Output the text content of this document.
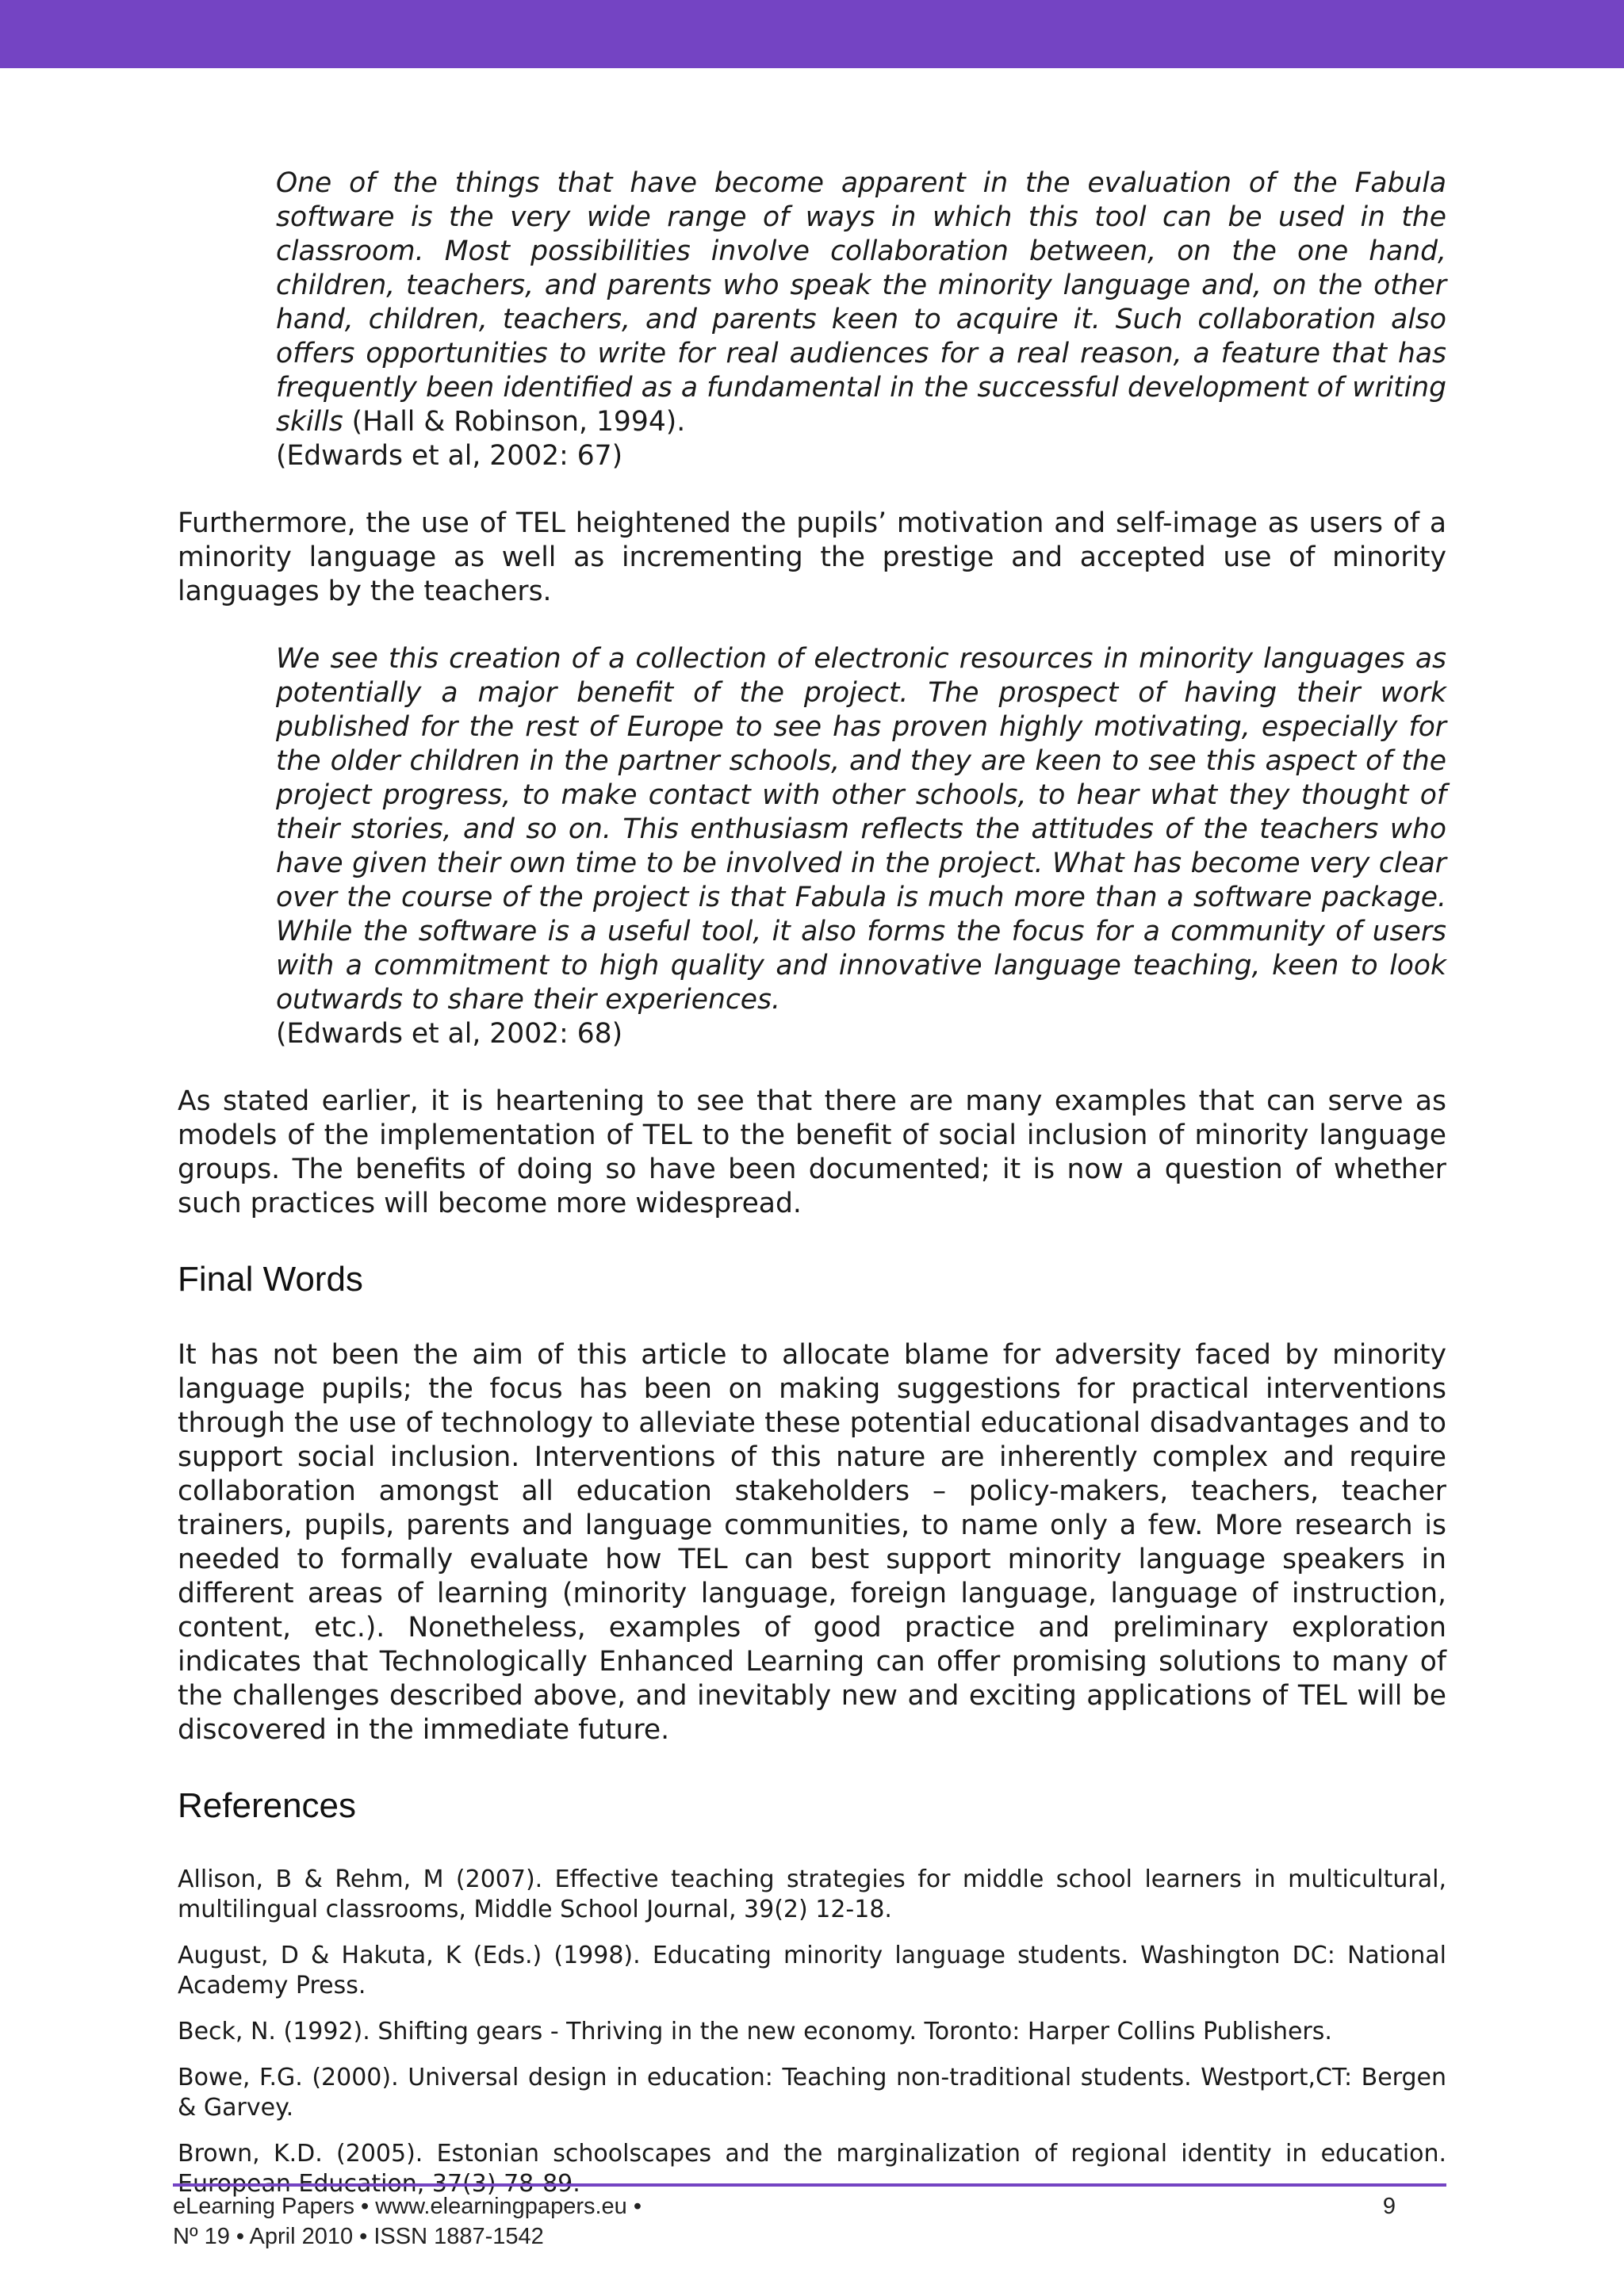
One of the things that have become apparent in the evaluation of the Fabula software is the very wide range of ways in which this tool can be used in the classroom. Most possibilities involve collaboration between, on the one hand, children, teachers, and parents who speak the minority language and, on the other hand, children, teachers, and parents keen to acquire it. Such collaboration also offers opportunities to write for real audiences for a real reason, a feature that has frequently been identified as a fundamental in the successful development of writing skills (Hall & Robinson, 1994).
(Edwards et al, 2002: 67)

Furthermore, the use of TEL heightened the pupils’ motivation and self-image as users of a minority language as well as incrementing the prestige and accepted use of minority languages by the teachers.

We see this creation of a collection of electronic resources in minority languages as potentially a major benefit of the project. The prospect of having their work published for the rest of Europe to see has proven highly motivating, especially for the older children in the partner schools, and they are keen to see this aspect of the project progress, to make contact with other schools, to hear what they thought of their stories, and so on. This enthusiasm reflects the attitudes of the teachers who have given their own time to be involved in the project. What has become very clear over the course of the project is that Fabula is much more than a software package. While the software is a useful tool, it also forms the focus for a community of users with a commitment to high quality and innovative language teaching, keen to look outwards to share their experiences.
(Edwards et al, 2002: 68)

As stated earlier, it is heartening to see that there are many examples that can serve as models of the implementation of TEL to the benefit of social inclusion of minority language groups. The benefits of doing so have been documented; it is now a question of whether such practices will become more widespread.

Final Words

It has not been the aim of this article to allocate blame for adversity faced by minority language pupils; the focus has been on making suggestions for practical interventions through the use of technology to alleviate these potential educational disadvantages and to support social inclusion. Interventions of this nature are inherently complex and require collaboration amongst all education stakeholders – policy-makers, teachers, teacher trainers, pupils, parents and language communities, to name only a few. More research is needed to formally evaluate how TEL can best support minority language speakers in different areas of learning (minority language, foreign language, language of instruction, content, etc.). Nonetheless, examples of good practice and preliminary exploration indicates that Technologically Enhanced Learning can offer promising solutions to many of the challenges described above, and inevitably new and exciting applications of TEL will be discovered in the immediate future.

References

Allison, B & Rehm, M (2007). Effective teaching strategies for middle school learners in multicultural, multilingual classrooms, Middle School Journal, 39(2) 12-18.

August, D & Hakuta, K (Eds.) (1998). Educating minority language students. Washington DC: National Academy Press.

Beck, N. (1992). Shifting gears - Thriving in the new economy. Toronto: Harper Collins Publishers.

Bowe, F.G. (2000). Universal design in education: Teaching non-traditional students. Westport,CT: Bergen & Garvey.

Brown, K.D. (2005). Estonian schoolscapes and the marginalization of regional identity in education. European Education, 37(3) 78-89.

eLearning Papers • www.elearningpapers.eu •
Nº 19 • April 2010 • ISSN 1887-1542
9
